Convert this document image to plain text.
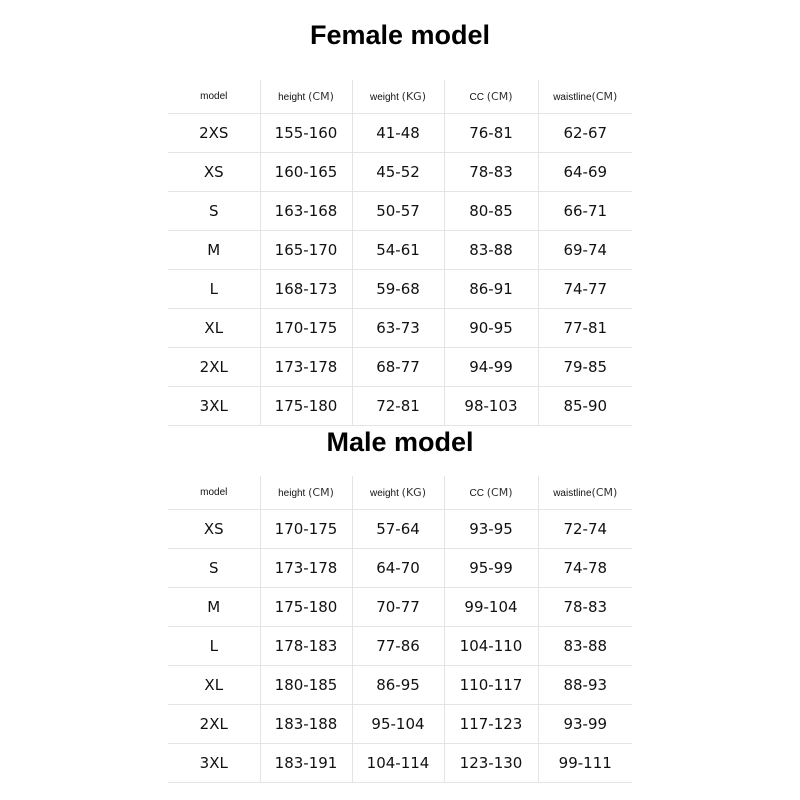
Female model
model	height (CM)	weight (KG)	CC (CM)	waistline(CM)
2XS	155-160	41-48	76-81	62-67
XS	160-165	45-52	78-83	64-69
S	163-168	50-57	80-85	66-71
M	165-170	54-61	83-88	69-74
L	168-173	59-68	86-91	74-77
XL	170-175	63-73	90-95	77-81
2XL	173-178	68-77	94-99	79-85
3XL	175-180	72-81	98-103	85-90
Male model
model	height (CM)	weight (KG)	CC (CM)	waistline(CM)
XS	170-175	57-64	93-95	72-74
S	173-178	64-70	95-99	74-78
M	175-180	70-77	99-104	78-83
L	178-183	77-86	104-110	83-88
XL	180-185	86-95	110-117	88-93
2XL	183-188	95-104	117-123	93-99
3XL	183-191	104-114	123-130	99-111
